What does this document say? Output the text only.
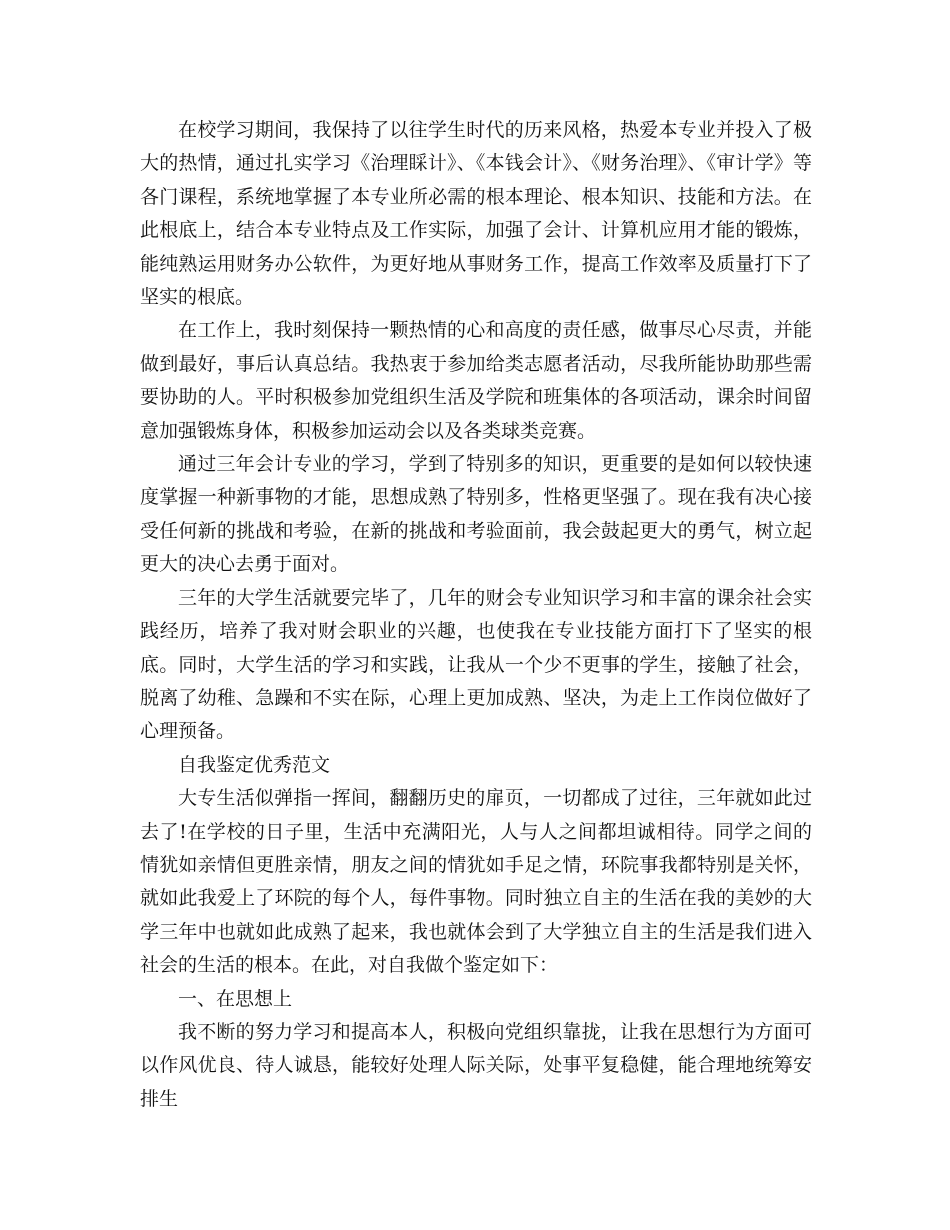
在校学习期间，我保持了以往学生时代的历来风格，热爱本专业并投入了极大的热情，通过扎实学习《治理睬计》、《本钱会计》、《财务治理》、《审计学》等各门课程，系统地掌握了本专业所必需的根本理论、根本知识、技能和方法。在此根底上，结合本专业特点及工作实际，加强了会计、计算机应用才能的锻炼，能纯熟运用财务办公软件，为更好地从事财务工作，提高工作效率及质量打下了坚实的根底。

在工作上，我时刻保持一颗热情的心和高度的责任感，做事尽心尽责，并能做到最好，事后认真总结。我热衷于参加给类志愿者活动，尽我所能协助那些需要协助的人。平时积极参加党组织生活及学院和班集体的各项活动，课余时间留意加强锻炼身体，积极参加运动会以及各类球类竞赛。

通过三年会计专业的学习，学到了特别多的知识，更重要的是如何以较快速度掌握一种新事物的才能，思想成熟了特别多，性格更坚强了。现在我有决心接受任何新的挑战和考验，在新的挑战和考验面前，我会鼓起更大的勇气，树立起更大的决心去勇于面对。

三年的大学生活就要完毕了，几年的财会专业知识学习和丰富的课余社会实践经历，培养了我对财会职业的兴趣，也使我在专业技能方面打下了坚实的根底。同时，大学生活的学习和实践，让我从一个少不更事的学生，接触了社会，脱离了幼稚、急躁和不实在际，心理上更加成熟、坚决，为走上工作岗位做好了心理预备。

自我鉴定优秀范文

大专生活似弹指一挥间，翻翻历史的扉页，一切都成了过往，三年就如此过去了!在学校的日子里，生活中充满阳光，人与人之间都坦诚相待。同学之间的情犹如亲情但更胜亲情，朋友之间的情犹如手足之情，环院事我都特别是关怀，就如此我爱上了环院的每个人，每件事物。同时独立自主的生活在我的美妙的大学三年中也就如此成熟了起来，我也就体会到了大学独立自主的生活是我们进入社会的生活的根本。在此，对自我做个鉴定如下：

一、在思想上

我不断的努力学习和提高本人，积极向党组织靠拢，让我在思想行为方面可以作风优良、待人诚恳，能较好处理人际关际，处事平复稳健，能合理地统筹安排生
